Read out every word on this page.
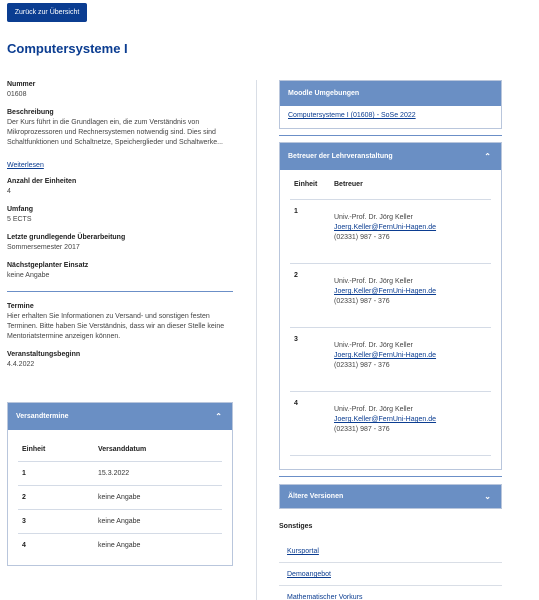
Zurück zur Übersicht
Computersysteme I
Nummer
01608
Beschreibung
Der Kurs führt in die Grundlagen ein, die zum Verständnis von
Mikroprozessoren und Rechnersystemen notwendig sind. Dies sind
Schaltfunktionen und Schaltnetze, Speicherglieder und Schaltwerke...
Weiterlesen
Anzahl der Einheiten
4
Umfang
5 ECTS
Letzte grundlegende Überarbeitung
Sommersemester 2017
Nächstgeplanter Einsatz
keine Angabe
Termine
Hier erhalten Sie Informationen zu Versand- und sonstigen festen
Terminen. Bitte haben Sie Verständnis, dass wir an dieser Stelle keine
Mentoriatstermine anzeigen können.
Veranstaltungsbeginn
4.4.2022
Versandtermine	⌃
Einheit	Versanddatum
1	15.3.2022
2	keine Angabe
3	keine Angabe
4	keine Angabe
Moodle Umgebungen
Computersysteme I (01608) - SoSe 2022
Betreuer der Lehrveranstaltung	⌃
Einheit	Betreuer
1
Univ.-Prof. Dr. Jörg Keller
Joerg.Keller@FernUni-Hagen.de
(02331) 987 - 376
2
Univ.-Prof. Dr. Jörg Keller
Joerg.Keller@FernUni-Hagen.de
(02331) 987 - 376
3
Univ.-Prof. Dr. Jörg Keller
Joerg.Keller@FernUni-Hagen.de
(02331) 987 - 376
4
Univ.-Prof. Dr. Jörg Keller
Joerg.Keller@FernUni-Hagen.de
(02331) 987 - 376
Ältere Versionen	⌄
Sonstiges
Kursportal
Demoangebot
Mathematischer Vorkurs
